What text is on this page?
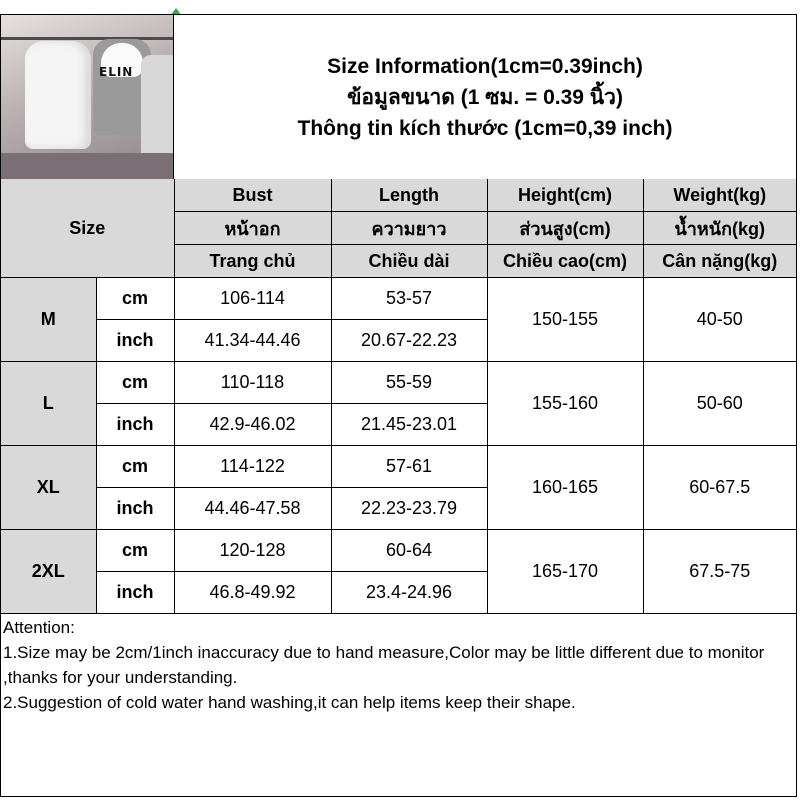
ELIN	Size Information(1cm=0.39inch)
ข้อมูลขนาด (1 ซม. = 0.39 นิ้ว)
Thông tin kích thước (1cm=0,39 inch)
Size		Bust	Length	Height(cm)	Weight(kg)
		หน้าอก	ความยาว	ส่วนสูง(cm)	น้ำหนัก(kg)
		Trang chủ	Chiều dài	Chiều cao(cm)	Cân nặng(kg)
M	cm	106-114	53-57	150-155	40-50
	inch	41.34-44.46	20.67-22.23		
L	cm	110-118	55-59	155-160	50-60
	inch	42.9-46.02	21.45-23.01		
XL	cm	114-122	57-61	160-165	60-67.5
	inch	44.46-47.58	22.23-23.79		
2XL	cm	120-128	60-64	165-170	67.5-75
	inch	46.8-49.92	23.4-24.96		
Attention:
1.Size may be 2cm/1inch inaccuracy due to hand measure,Color may be little different due to monitor ,thanks for your understanding.
2.Suggestion of cold water hand washing,it can help items keep their shape.
